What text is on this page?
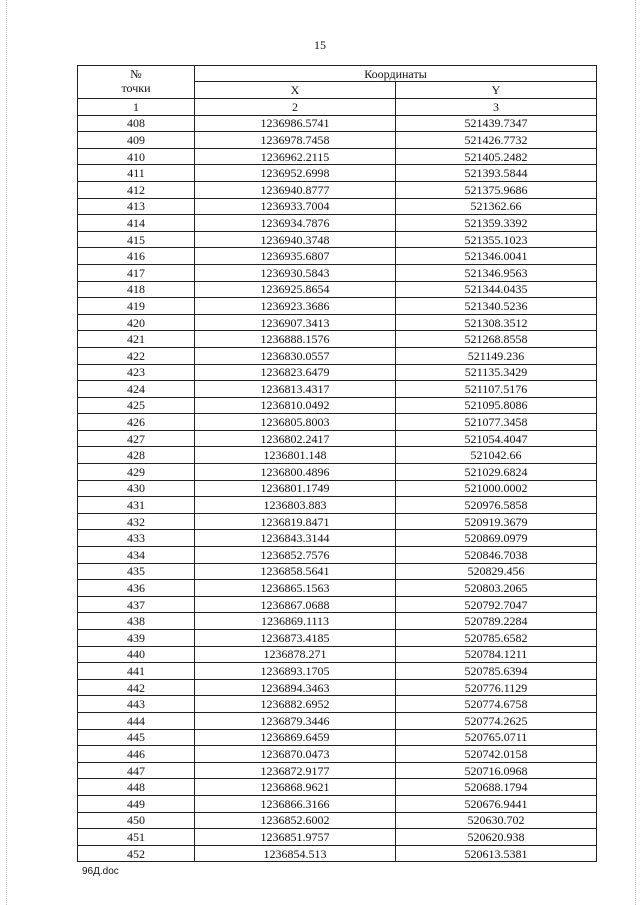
15
№
точки	Координаты	
	X	Y
1	2	3
408	1236986.5741	521439.7347
409	1236978.7458	521426.7732
410	1236962.2115	521405.2482
411	1236952.6998	521393.5844
412	1236940.8777	521375.9686
413	1236933.7004	521362.66
414	1236934.7876	521359.3392
415	1236940.3748	521355.1023
416	1236935.6807	521346.0041
417	1236930.5843	521346.9563
418	1236925.8654	521344.0435
419	1236923.3686	521340.5236
420	1236907.3413	521308.3512
421	1236888.1576	521268.8558
422	1236830.0557	521149.236
423	1236823.6479	521135.3429
424	1236813.4317	521107.5176
425	1236810.0492	521095.8086
426	1236805.8003	521077.3458
427	1236802.2417	521054.4047
428	1236801.148	521042.66
429	1236800.4896	521029.6824
430	1236801.1749	521000.0002
431	1236803.883	520976.5858
432	1236819.8471	520919.3679
433	1236843.3144	520869.0979
434	1236852.7576	520846.7038
435	1236858.5641	520829.456
436	1236865.1563	520803.2065
437	1236867.0688	520792.7047
438	1236869.1113	520789.2284
439	1236873.4185	520785.6582
440	1236878.271	520784.1211
441	1236893.1705	520785.6394
442	1236894.3463	520776.1129
443	1236882.6952	520774.6758
444	1236879.3446	520774.2625
445	1236869.6459	520765.0711
446	1236870.0473	520742.0158
447	1236872.9177	520716.0968
448	1236868.9621	520688.1794
449	1236866.3166	520676.9441
450	1236852.6002	520630.702
451	1236851.9757	520620.938
452	1236854.513	520613.5381
96Д.doc
